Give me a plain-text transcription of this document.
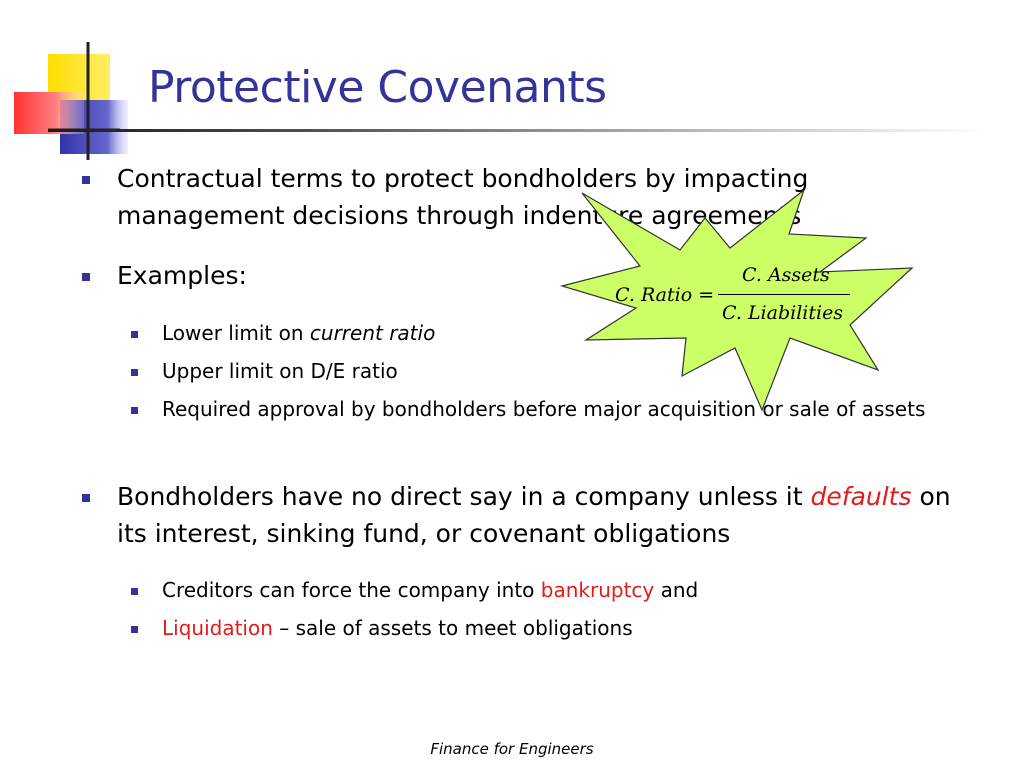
Protective Covenants
Contractual terms to protect bondholders by impacting management decisions through indenture agreements
Examples:
Lower limit on current ratio
Upper limit on D/E ratio
Required approval by bondholders before major acquisition or sale of assets
Bondholders have no direct say in a company unless it defaults on its interest, sinking fund, or covenant obligations
Creditors can force the company into bankruptcy and
Liquidation – sale of assets to meet obligations
C. Ratio =
C. Assets
C. Liabilities
Finance for Engineers
